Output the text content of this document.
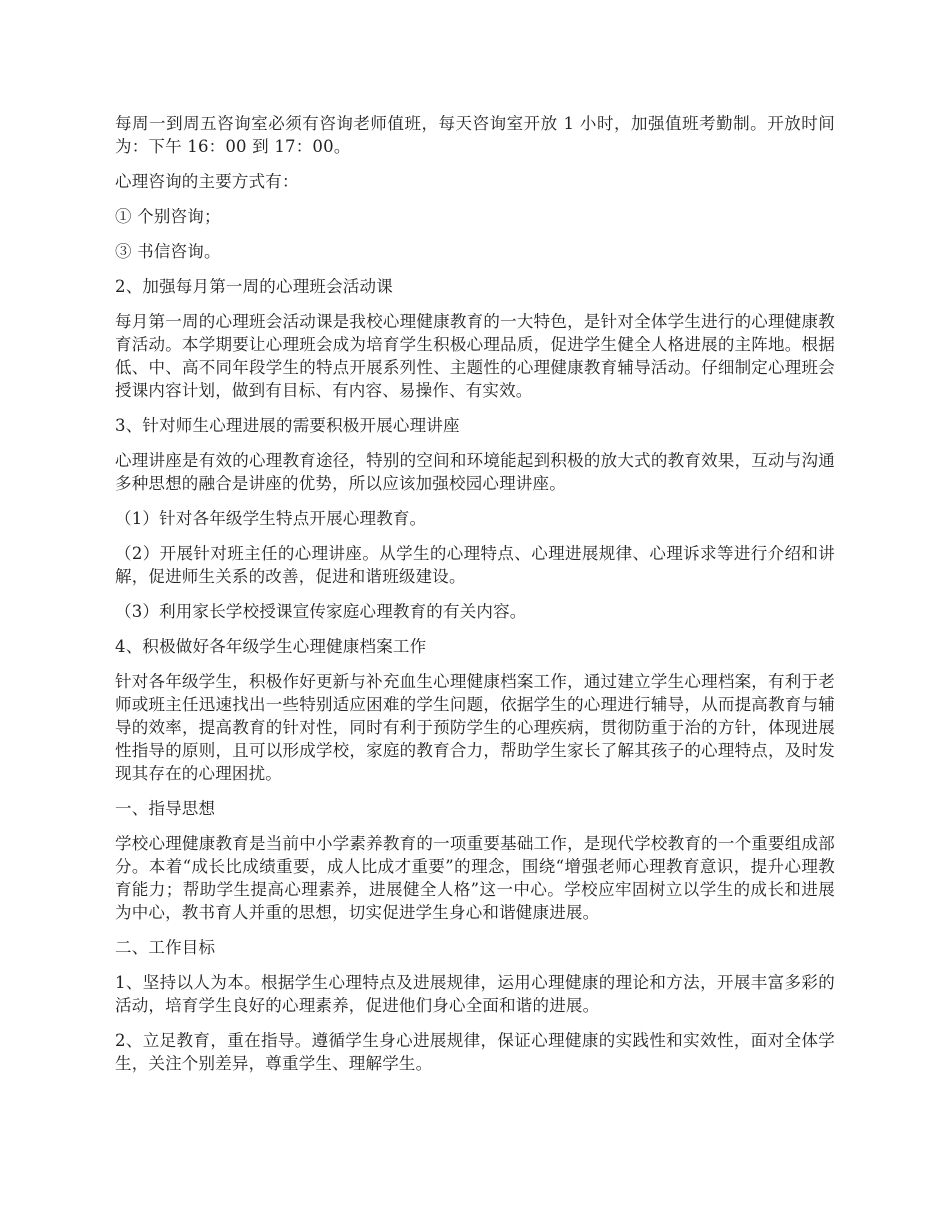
每周一到周五咨询室必须有咨询老师值班，每天咨询室开放 1 小时，加强值班考勤制。开放时间为：下午 16：00 到 17：00。

心理咨询的主要方式有：

① 个别咨询；

③ 书信咨询。

2、加强每月第一周的心理班会活动课

每月第一周的心理班会活动课是我校心理健康教育的一大特色，是针对全体学生进行的心理健康教育活动。本学期要让心理班会成为培育学生积极心理品质，促进学生健全人格进展的主阵地。根据低、中、高不同年段学生的特点开展系列性、主题性的心理健康教育辅导活动。仔细制定心理班会授课内容计划，做到有目标、有内容、易操作、有实效。

3、针对师生心理进展的需要积极开展心理讲座

心理讲座是有效的心理教育途径，特别的空间和环境能起到积极的放大式的教育效果，互动与沟通多种思想的融合是讲座的优势，所以应该加强校园心理讲座。

（1）针对各年级学生特点开展心理教育。

（2）开展针对班主任的心理讲座。从学生的心理特点、心理进展规律、心理诉求等进行介绍和讲解，促进师生关系的改善，促进和谐班级建设。

（3）利用家长学校授课宣传家庭心理教育的有关内容。

4、积极做好各年级学生心理健康档案工作

针对各年级学生，积极作好更新与补充血生心理健康档案工作，通过建立学生心理档案，有利于老师或班主任迅速找出一些特别适应困难的学生问题，依据学生的心理进行辅导，从而提高教育与辅导的效率，提高教育的针对性，同时有利于预防学生的心理疾病，贯彻防重于治的方针，体现进展性指导的原则，且可以形成学校，家庭的教育合力，帮助学生家长了解其孩子的心理特点，及时发现其存在的心理困扰。

一、指导思想

学校心理健康教育是当前中小学素养教育的一项重要基础工作，是现代学校教育的一个重要组成部分。本着“成长比成绩重要，成人比成才重要”的理念，围绕“增强老师心理教育意识，提升心理教育能力；帮助学生提高心理素养，进展健全人格”这一中心。学校应牢固树立以学生的成长和进展为中心，教书育人并重的思想，切实促进学生身心和谐健康进展。

二、工作目标

1、坚持以人为本。根据学生心理特点及进展规律，运用心理健康的理论和方法，开展丰富多彩的活动，培育学生良好的心理素养，促进他们身心全面和谐的进展。

2、立足教育，重在指导。遵循学生身心进展规律，保证心理健康的实践性和实效性，面对全体学生，关注个别差异，尊重学生、理解学生。
